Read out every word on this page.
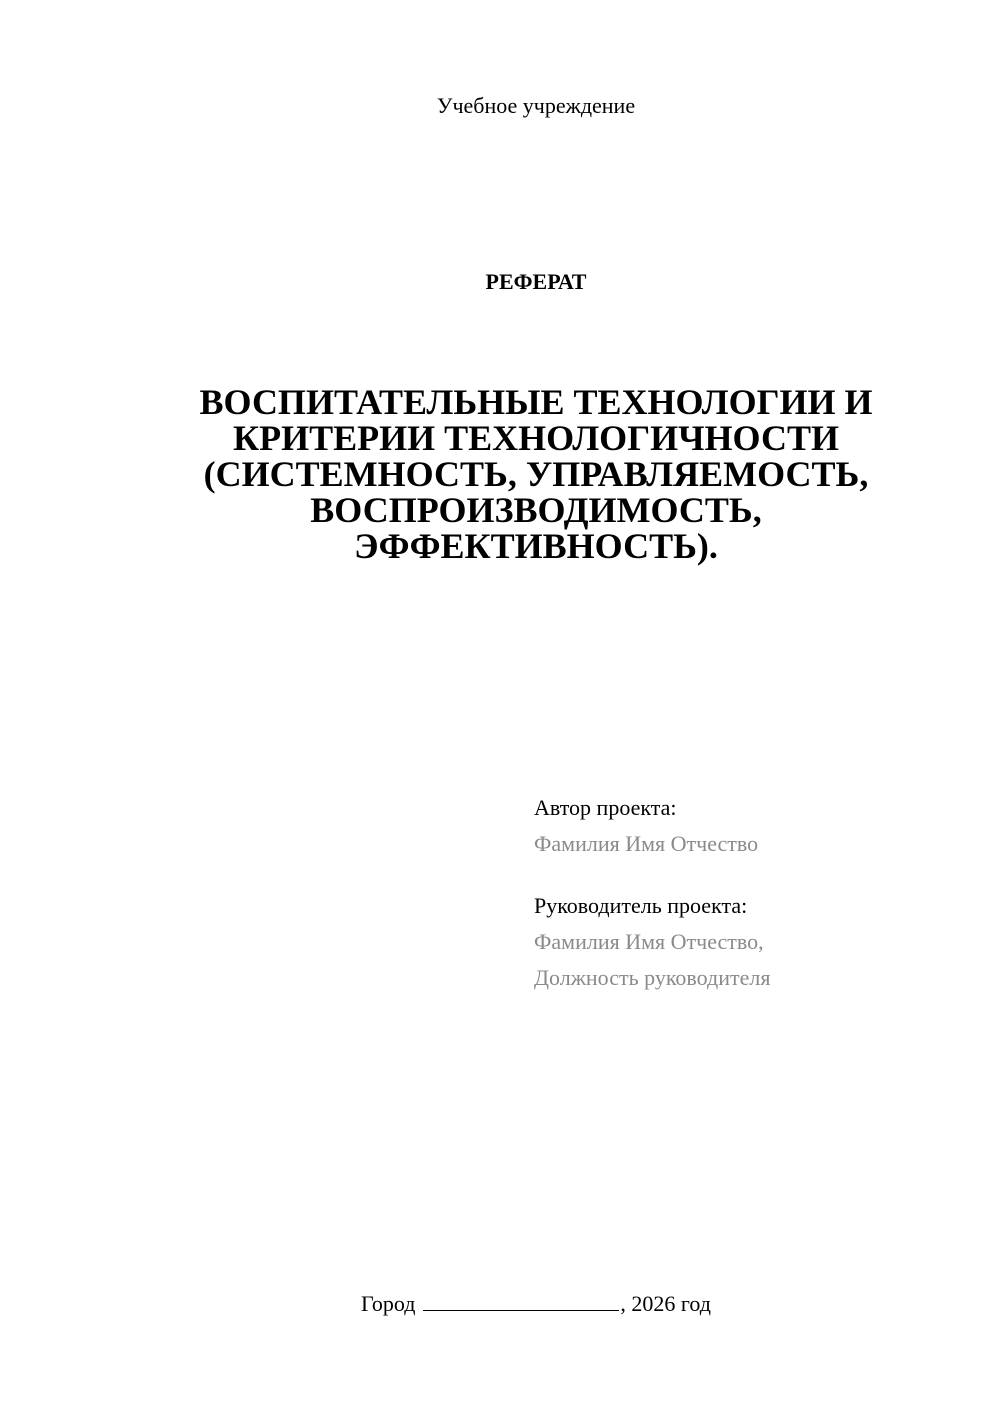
Учебное учреждение
РЕФЕРАТ
ВОСПИТАТЕЛЬНЫЕ ТЕХНОЛОГИИ И
КРИТЕРИИ ТЕХНОЛОГИЧНОСТИ
(СИСТЕМНОСТЬ, УПРАВЛЯЕМОСТЬ,
ВОСПРОИЗВОДИМОСТЬ,
ЭФФЕКТИВНОСТЬ).
Автор проекта:
Фамилия Имя Отчество
Руководитель проекта:
Фамилия Имя Отчество,
Должность руководителя
Город	, 2026 год
